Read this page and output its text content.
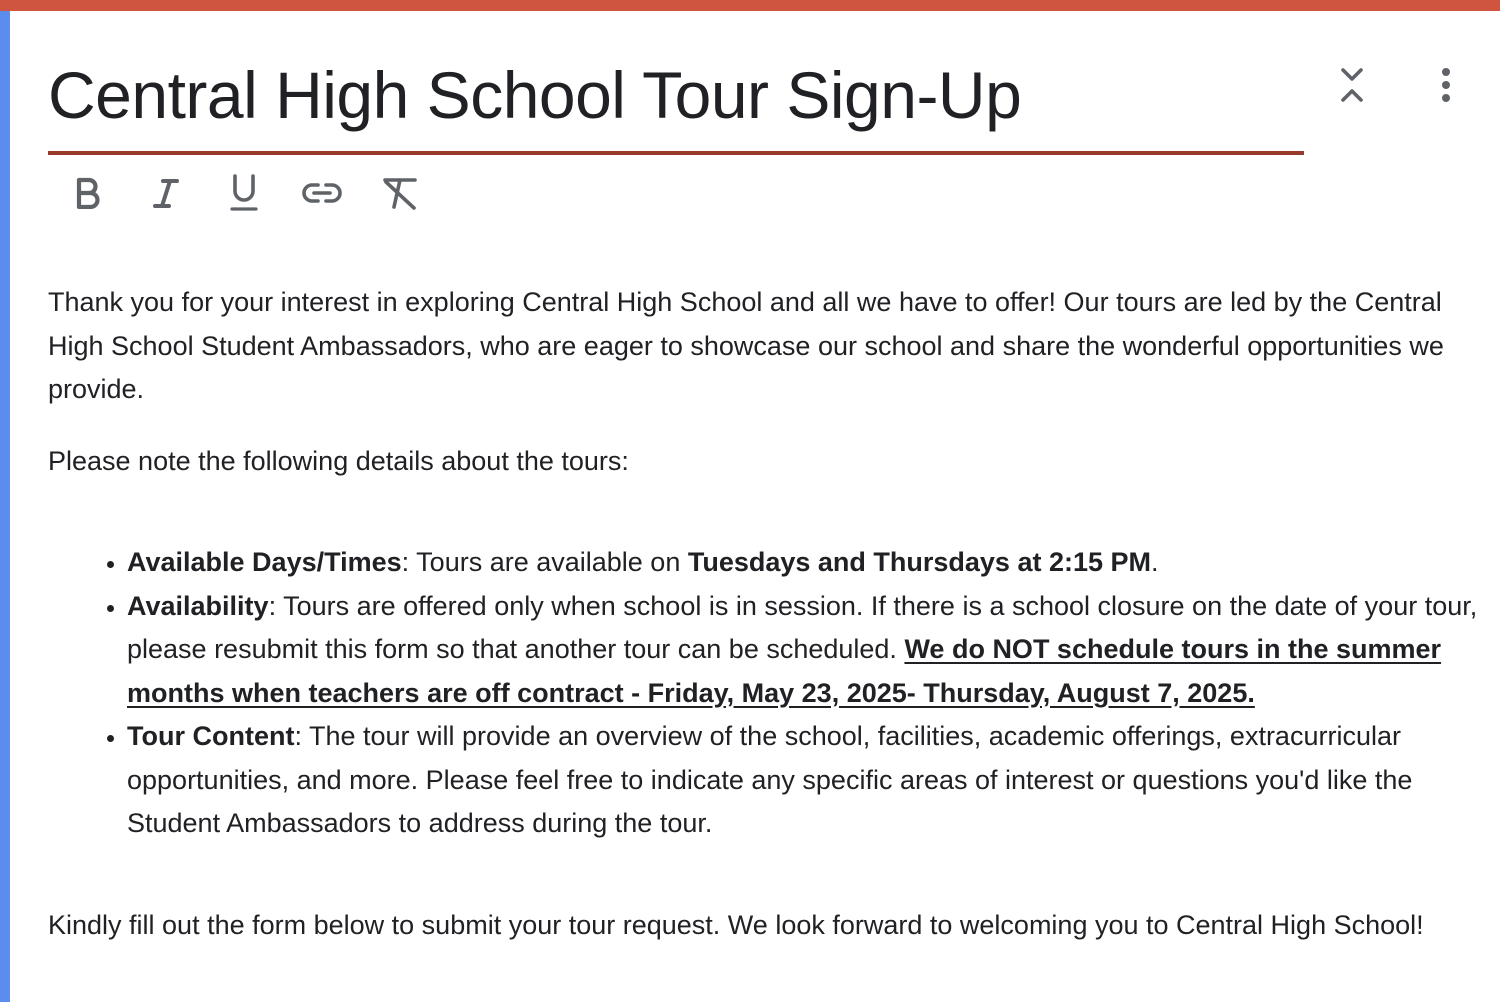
Central High School Tour Sign-Up

Thank you for your interest in exploring Central High School and all we have to offer! Our tours are led by the Central High School Student Ambassadors, who are eager to showcase our school and share the wonderful opportunities we provide.

Please note the following details about the tours:

• Available Days/Times: Tours are available on Tuesdays and Thursdays at 2:15 PM.
• Availability: Tours are offered only when school is in session. If there is a school closure on the date of your tour, please resubmit this form so that another tour can be scheduled. We do NOT schedule tours in the summer months when teachers are off contract - Friday, May 23, 2025- Thursday, August 7, 2025.
• Tour Content: The tour will provide an overview of the school, facilities, academic offerings, extracurricular opportunities, and more. Please feel free to indicate any specific areas of interest or questions you'd like the Student Ambassadors to address during the tour.

Kindly fill out the form below to submit your tour request. We look forward to welcoming you to Central High School!
